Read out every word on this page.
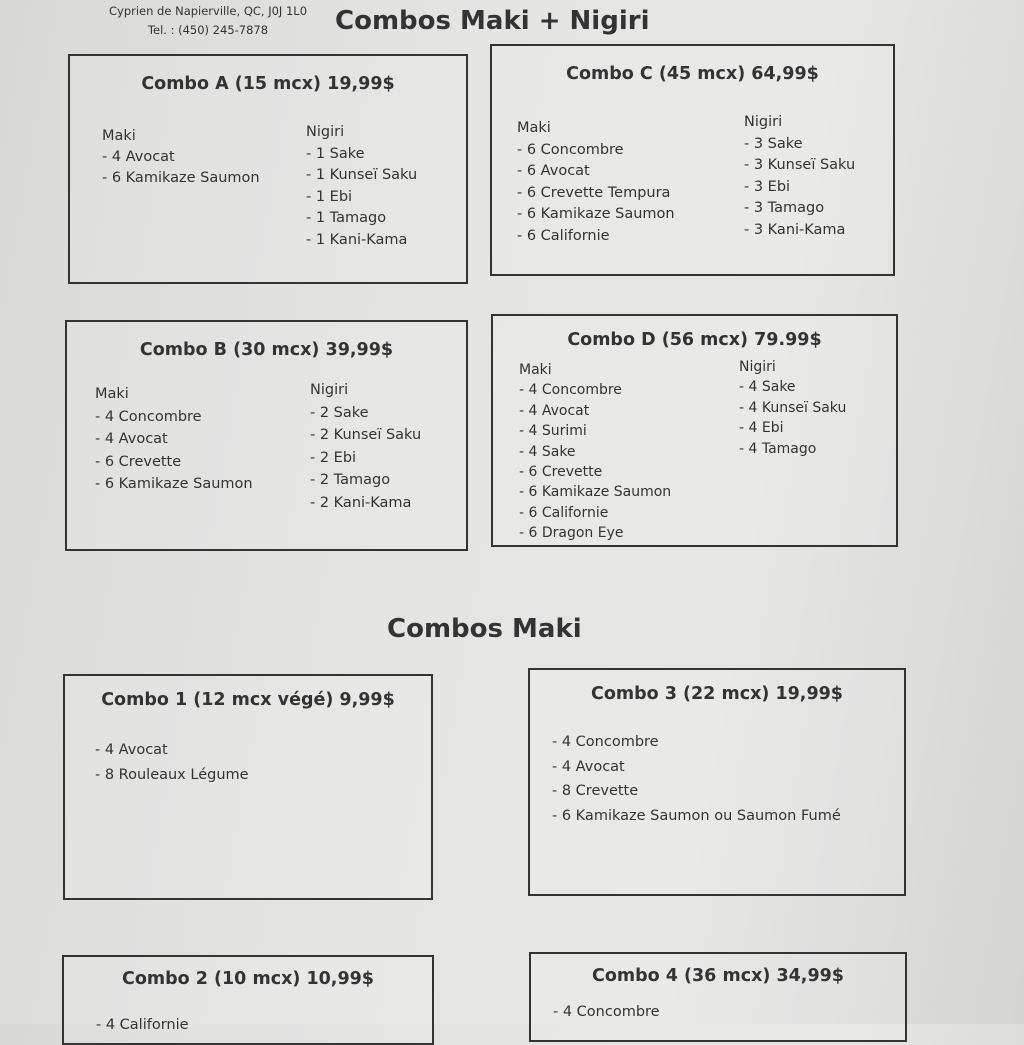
Cyprien de Napierville, QC, J0J 1L0
Tel. : (450) 245-7878	Combos Maki + Nigiri
Combo A (15 mcx) 19,99$
Maki
- 4 Avocat
- 6 Kamikaze Saumon
Nigiri
- 1 Sake
- 1 Kunseï Saku
- 1 Ebi
- 1 Tamago
- 1 Kani-Kama
Combo C (45 mcx) 64,99$
Maki
- 6 Concombre
- 6 Avocat
- 6 Crevette Tempura
- 6 Kamikaze Saumon
- 6 Californie
Nigiri
- 3 Sake
- 3 Kunseï Saku
- 3 Ebi
- 3 Tamago
- 3 Kani-Kama
Combo B (30 mcx) 39,99$
Maki
- 4 Concombre
- 4 Avocat
- 6 Crevette
- 6 Kamikaze Saumon
Nigiri
- 2 Sake
- 2 Kunseï Saku
- 2 Ebi
- 2 Tamago
- 2 Kani-Kama
Combo D (56 mcx) 79.99$
Maki
- 4 Concombre
- 4 Avocat
- 4 Surimi
- 4 Sake
- 6 Crevette
- 6 Kamikaze Saumon
- 6 Californie
- 6 Dragon Eye
Nigiri
- 4 Sake
- 4 Kunseï Saku
- 4 Ebi
- 4 Tamago
Combos Maki
Combo 1 (12 mcx végé) 9,99$
- 4 Avocat
- 8 Rouleaux Légume
Combo 3 (22 mcx) 19,99$
- 4 Concombre
- 4 Avocat
- 8 Crevette
- 6 Kamikaze Saumon ou Saumon Fumé
Combo 2 (10 mcx) 10,99$
- 4 Californie
Combo 4 (36 mcx) 34,99$
- 4 Concombre
